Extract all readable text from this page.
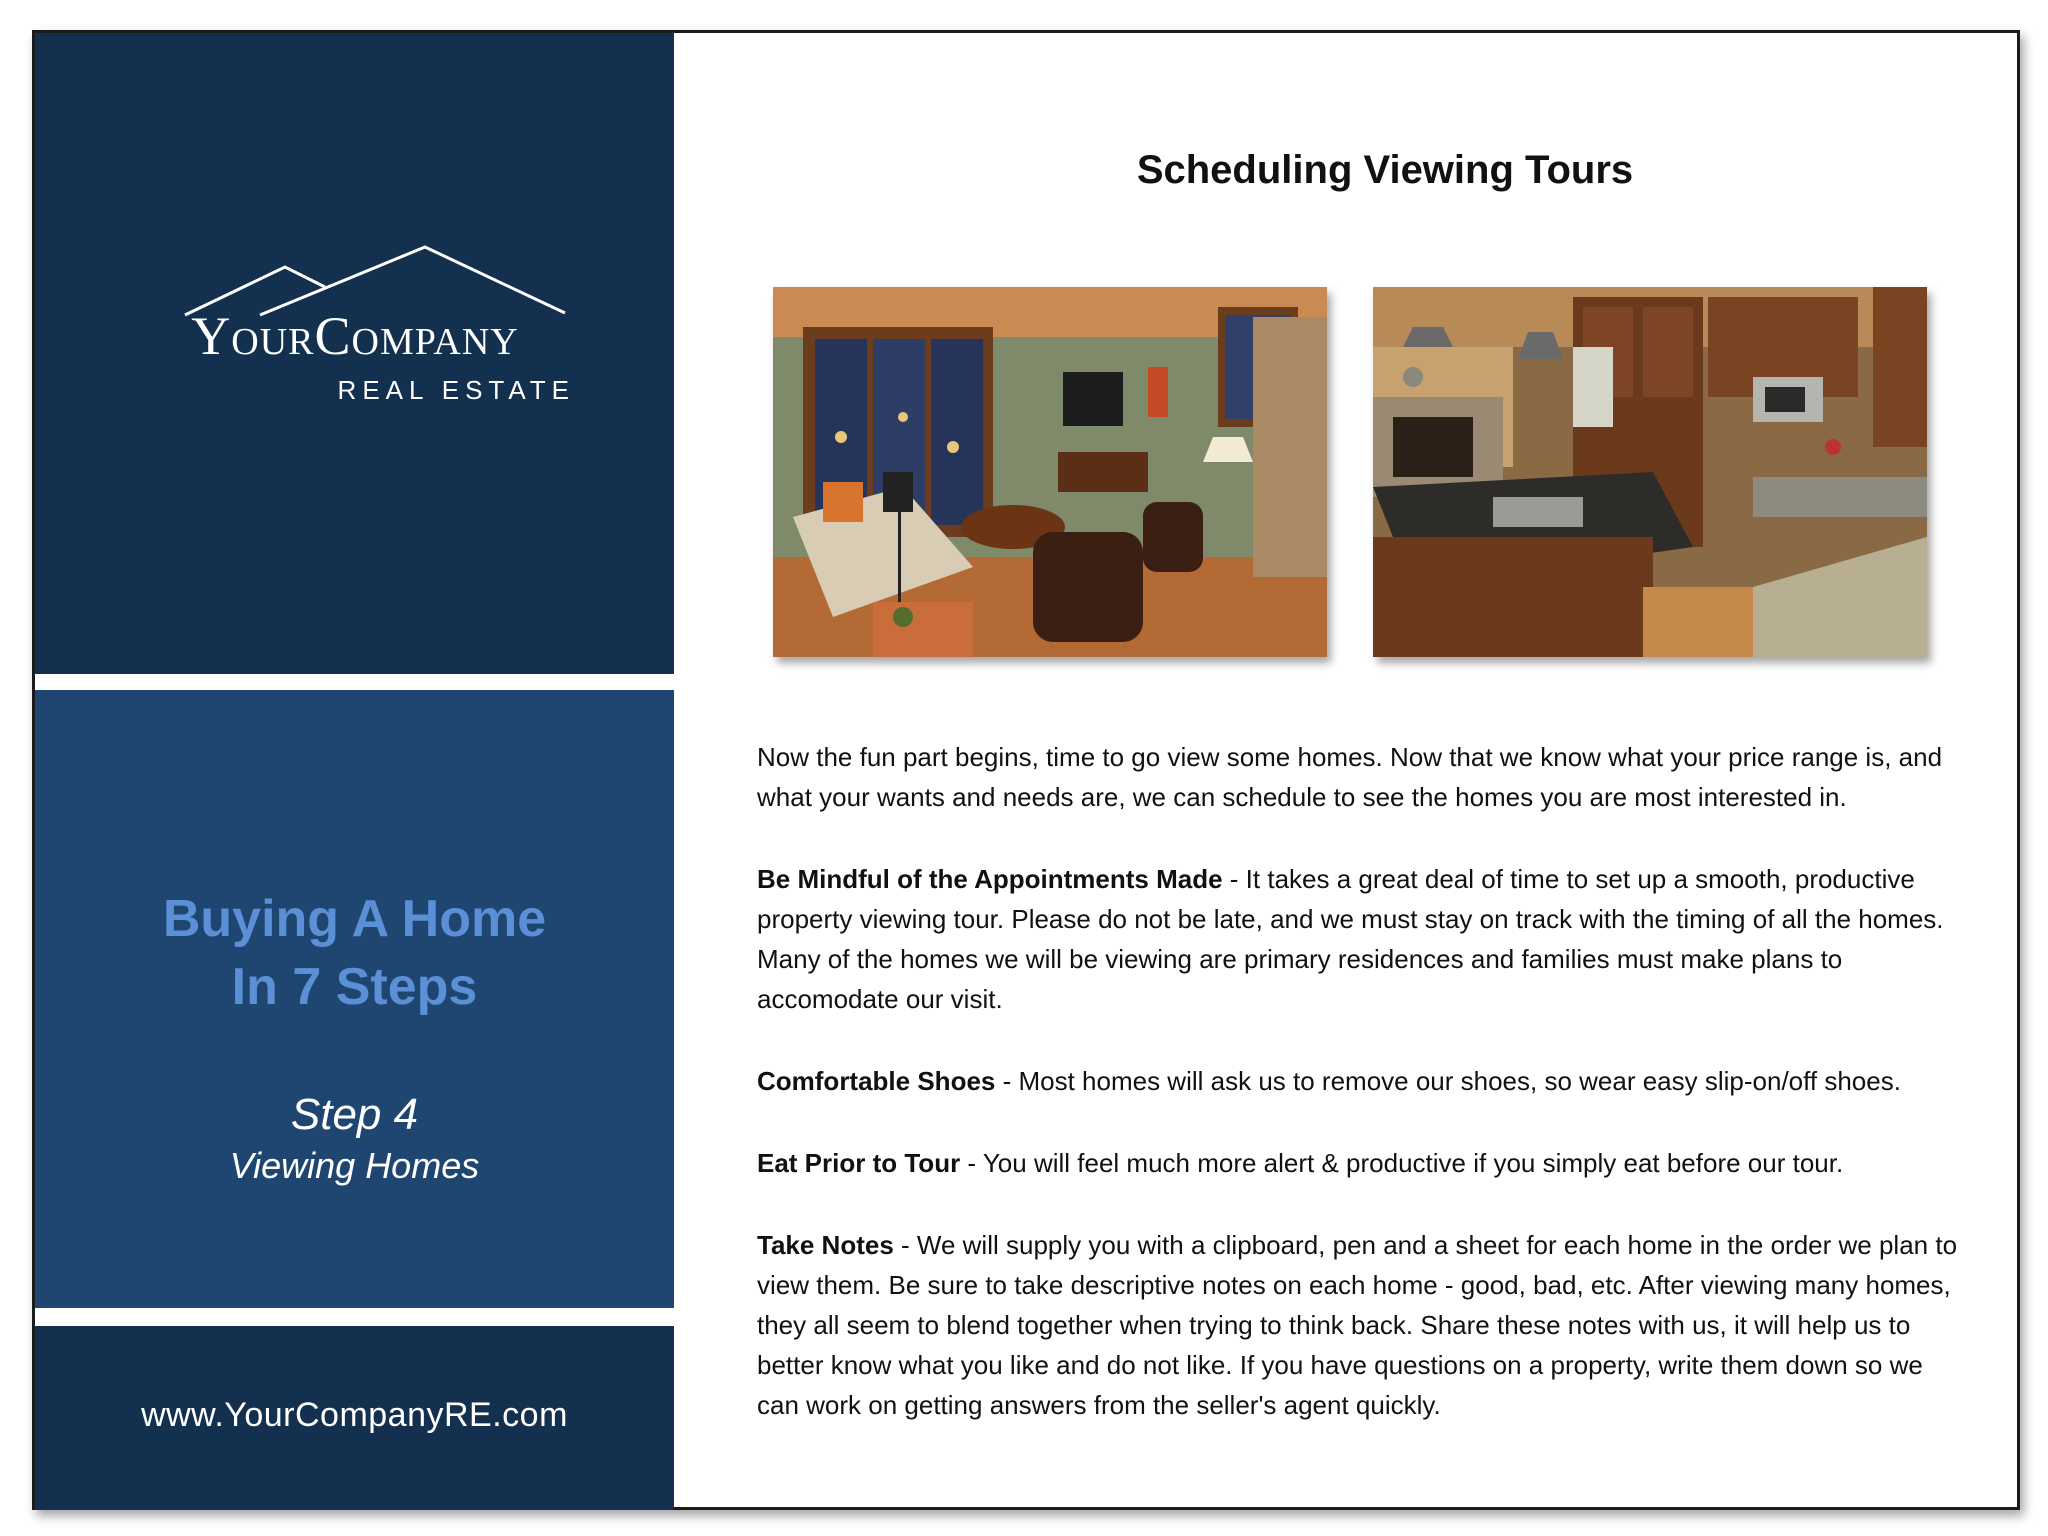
YourCompany
REAL ESTATE
Buying A Home
In 7 Steps
Step 4
Viewing Homes
www.YourCompanyRE.com
Scheduling Viewing Tours

Now the fun part begins, time to go view some homes. Now that we know what your price range is, and what your wants and needs are, we can schedule to see the homes you are most interested in.

Be Mindful of the Appointments Made - It takes a great deal of time to set up a smooth, productive property viewing tour. Please do not be late, and we must stay on track with the timing of all the homes. Many of the homes we will be viewing are primary residences and families must make plans to accomodate our visit.

Comfortable Shoes - Most homes will ask us to remove our shoes, so wear easy slip-on/off shoes.

Eat Prior to Tour - You will feel much more alert & productive if you simply eat before our tour.

Take Notes - We will supply you with a clipboard, pen and a sheet for each home in the order we plan to view them. Be sure to take descriptive notes on each home - good, bad, etc. After viewing many homes, they all seem to blend together when trying to think back. Share these notes with us, it will help us to better know what you like and do not like. If you have questions on a property, write them down so we can work on getting answers from the seller's agent quickly.
